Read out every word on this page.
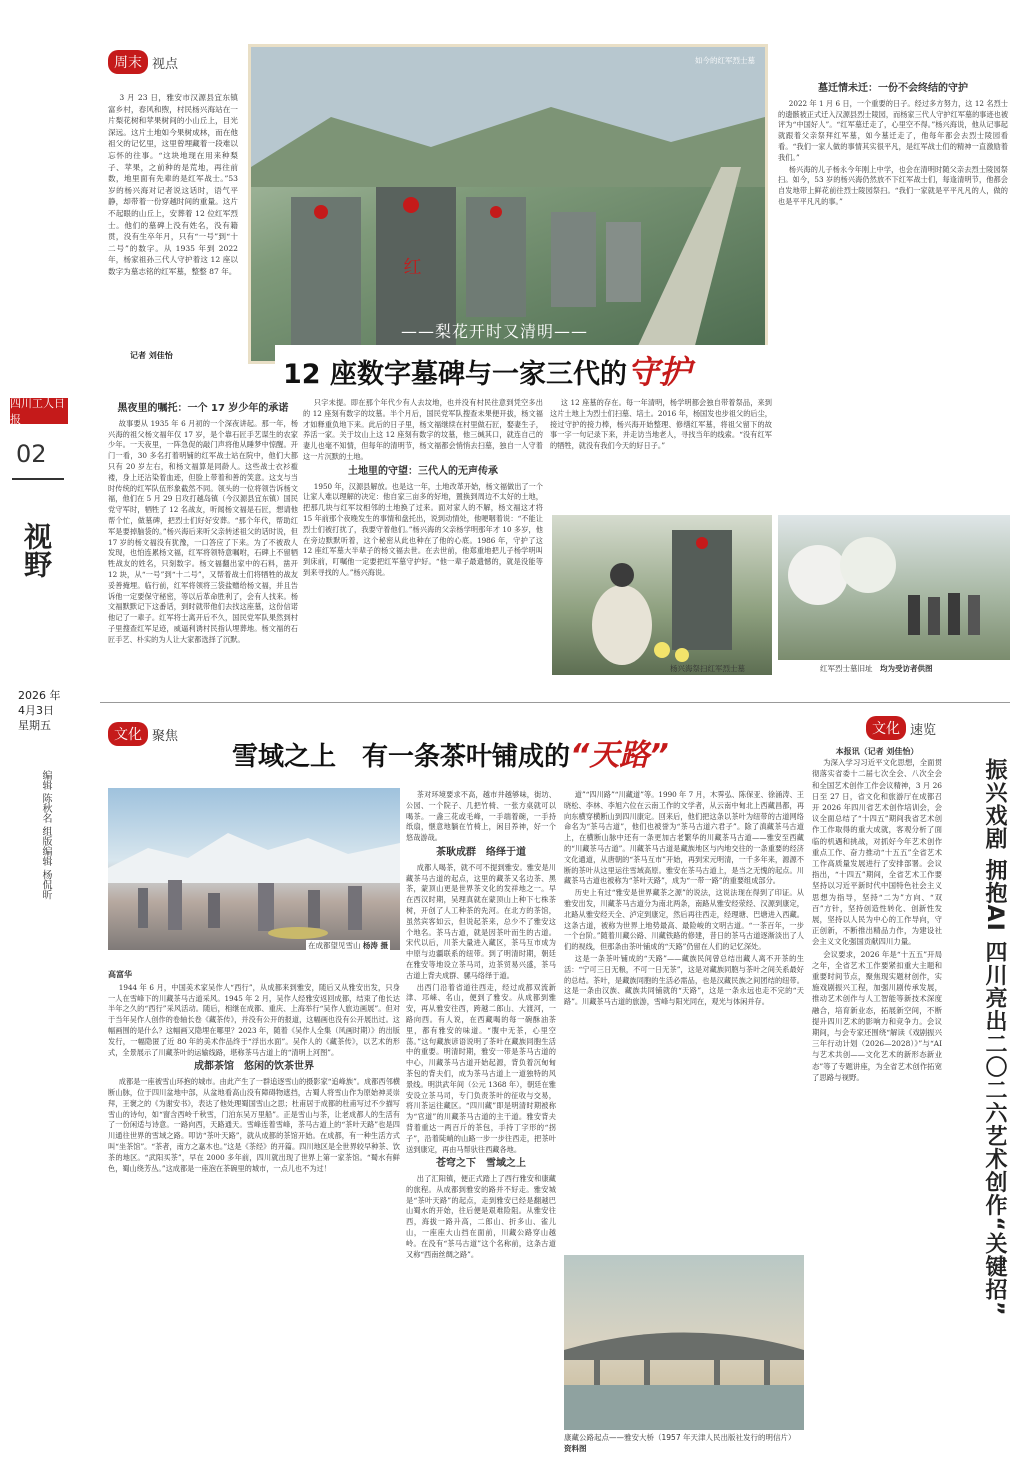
四川工人日报
02
视野
2026 年
4月3日
星期五
编辑 陈秋名 组版编辑 杨侃昕
周末 视点

3 月 23 日，雅安市汉源县宜东镇富乡村，春风和煦，村民杨兴海站在一片梨花树和苹果树间的小山丘上，目光深远。这片土地如今果树成林，而在他祖父的记忆里，这里曾埋藏着一段难以忘怀的往事。“这块地现在用来种梨子、苹果，之前种的是荒地，再往前数，地里面有先辈的是红军战士。”53 岁的杨兴海对记者说这话时，语气平静，却带着一份穿越时间的重量。这片不起眼的山丘上，安葬着 12 位红军烈士。他们的墓碑上没有姓名，没有籍贯，没有生卒年月，只有“一号”到“十二号”的数字。从 1935 年到 2022 年，杨家祖孙三代人守护着这 12 座以数字为墓志铭的红军墓，整整 87 年。

记者 刘佳怡
红
如今的红军烈士墓
——梨花开时又清明——
12 座数字墓碑与一家三代的守护
黑夜里的嘱托：一个 17 岁少年的承诺

故事要从 1935 年 6 月初的一个深夜讲起。那一年，杨兴海的祖父杨文福年仅 17 岁，是个靠石匠手艺谋生的农家少年。一天夜里，一阵急促的敲门声将他从睡梦中惊醒。开门一看，30 多名打着明铺的红军战士站在院中，他们大都只有 20 岁左右，和杨文福算是同龄人。这些战士衣衫褴褛，身上还沾染着血迹，但脸上带着和善的笑意。这支与当时传统的红军队伍形象截然不同。领头的一位将领告诉杨文福，他们在 5 月 29 日攻打越岛镇（今汉源县宜东镇）国民党守军时，牺牲了 12 名战友，听闻杨文福是石匠，想请他帮个忙，做墓碑，把烈士们好好安葬。“那个年代，帮助红军是要掉脑袋的。”杨兴海后来听父亲转述祖父的话时说，但 17 岁的杨文福没有犹豫，一口答应了下来。为了不被敌人发现，也怕连累杨文福，红军将领特意嘱咐，石碑上不留牺牲战友的姓名，只刻数字。杨文福翻出家中的石料，凿开 12 块，从“一号”到“十二号”，又帮着战士们将牺牲的战友妥善掩埋。临行前，红军将领将三袋盐赠给杨文福，并且告诉他一定要保守秘密，等以后革命胜利了，会有人找来。杨文福默默记下这番话，到时就带他们去找这座墓，这份信诺他记了一辈子。红军将士离开后不久，国民党军队果然到村子里搜查红军足迹，威逼利诱村民指认埋葬地。杨文福的石匠手艺、朴实的为人让大家都选择了沉默。

只字未提。即在那个年代少有人去坟地，也并没有村民往意到凭空多出的 12 座刻有数字的坟墓。半个月后，国民党军队搜查未果便开拔，杨文福才如释重负地下来。此后的日子里，杨文福继续在村里做石匠，娶妻生子，养活一家。关于坟山上这 12 座刻有数字的坟墓，他三缄其口，就连自己的妻儿也毫不知情，但每年的清明节，杨文福都会悄悄去扫墓，独自一人守着这一片沉默的土地。

土地里的守望：三代人的无声传承

1950 年，汉源县解放。也是这一年，土地改革开始，杨文福做出了一个让家人难以理解的决定：他自家三亩多的好地，置换到周边不太好的土地，把那几块与红军坟相邻的土地换了过来。面对家人的不解，杨文福这才将 15 年前那个夜晚发生的事情和盘托出，说到动情处，他哽咽着说：“不能让烈士们被打扰了，我要守着他们。”杨兴海的父亲杨学明那年才 10 多岁，他在旁边默默听着，这个秘密从此也种在了他的心底。1986 年，守护了这 12 座红军墓大半辈子的杨文福去世。在去世前，他郑重地把儿子杨学明叫到床前，叮嘱他一定要把红军墓守护好。“他一辈子最遗憾的，就是没能等到来寻找的人。”杨兴海说。

这 12 座墓的存在。每一年清明，杨学明都会独自带着祭品，来到这片土地上为烈士们扫墓、培土。2016 年，杨国发也步祖父的后尘，接过守护的接力棒，杨兴海开始整理、修缮红军墓，将祖父留下的故事一字一句记录下来，并走访当地老人，寻找当年的线索。“没有红军的牺牲，就没有我们今天的好日子。”

墓迁情未迁：一份不会终结的守护

2022 年 1 月 6 日，一个重要的日子。经过多方努力，这 12 名烈士的遗骸被正式迁入汉源县烈士陵园，而杨家三代人守护红军墓的事迹也被评为“中国好人”。“红军墓迁走了，心里空不得。”杨兴海说，他从记事起就跟着父亲祭拜红军墓，如今墓迁走了，他每年都会去烈士陵园看看。“我们一家人做的事情其实很平凡，是红军战士们的精神一直激励着我们。”

杨兴海的儿子杨永今年刚上中学，也会在清明时随父亲去烈士陵园祭扫。如今，53 岁的杨兴海仍然放不下红军战士们，每逢清明节，他都会自发地带上鲜花前往烈士陵园祭扫。“我们一家就是平平凡凡的人，做的也是平平凡凡的事。”

杨兴海祭扫红军烈士墓	红军烈士墓旧址　 均为受访者供图
文化 聚焦
雪域之上　有一条茶叶铺成的“天路”
在成都望见雪山 杨涛 摄
高富华

1944 年 6 月，中国美术家吴作人“西行”，从成都来到雅安，随后又从雅安出发，只身一人在雪峰下的川藏茶马古道采风。1945 年 2 月，吴作人经雅安返回成都，结束了他长达半年之久的“西行”采风活动。随后，相继在成都、重庆、上海举行“吴作人旅边画展”。但对于当年吴作人创作的卷轴长卷《藏茶传》，并没有公开的报道，这幅画也没有公开展出过。这幅画围的是什么？这幅画又隐埋在哪里？2023 年，随着《吴作人全集（风画时期）》的出版发行，一幅隐匿了近 80 年的美术作品终于“浮出水面”。吴作人的《藏茶传》，以艺术的形式，全景展示了川藏茶叶的运输线路，堪称茶马古道上的“清明上河图”。

成都茶馆　悠闲的饮茶世界

成都是一座被雪山环抱的城市。由此产生了一群追逐雪山的摄影家“追峰族”。成都西邻横断山脉，位于四川盆地中部，从盆地看高山没有障碍物遮挡，古蜀人将雪山作为原始神灵崇拜，王褒之的《为谢安书》，表达了他处理蜀国雪山之思；杜甫居于成都的杜甫写过不少描写雪山的诗句，如“窗含西岭千秋雪，门泊东吴万里船”。正是雪山与茶，让老成都人的生活有了一份闲适与诗意。一路向西，天路通天。雪峰连着雪峰，茶马古道上的“茶叶天路”也是四川通往世界的雪域之路。叩访“茶叶天路”，就从成都的茶馆开始。在成都，有一种生活方式叫“坐茶馆”。“茶者，南方之嘉木也。”这是《茶经》的开篇。四川地区是全世界较早种茶、饮茶的地区。“武阳买茶”，早在 2000 多年前，四川就出现了世界上第一家茶馆。“蜀水有鲜色，蜀山绕芳丛。”这成都是一座泡在茶碗里的城市，一点儿也不为过！

茶对环境要求不高，越市井越够味，街坊、公园、一个院子、几把竹椅、一张方桌就可以喝茶。一盏三花或毛峰，一手端着碗，一手持纸扇，惬意地躺在竹椅上，闲目养神，好一个悠哉游哉。

茶耿成群　络绎于道

成都人喝茶，就不可不提到雅安。雅安是川藏茶马古道的起点，这里的藏茶又名边茶、黑茶，蒙顶山更是世界茶文化的发祥地之一。早在西汉时期，吴理真就在蒙顶山上种下七株茶树，开创了人工种茶的先河。在北方的茶馆，虽然宾客如云，但说起茶来，总少不了雅安这个地名。茶马古道，就是因茶叶而生的古道。宋代以后，川茶大量进入藏区，茶马互市成为中原与边疆联系的纽带。到了明清时期，朝廷在雅安等地设立茶马司，边茶贸易兴盛，茶马古道上背夫成群、骡马络绎于道。

出西门沿着省道往西走，经过成都双流新津、邛崃、名山，便到了雅安。从成都到雅安，再从雅安往西，跨越二郎山、大渡河，一路向西。有人说，在西藏喝的每一碗酥油茶里，都有雅安的味道。“腹中无茶，心里空荡。”这句藏族谚语说明了茶叶在藏族同胞生活中的重要。明清时期，雅安一带是茶马古道的中心，川藏茶马古道开始起源，背负着沉甸甸茶包的背夫们，成为茶马古道上一道独特的风景线。明洪武年间（公元 1368 年），朝廷在雅安设立茶马司，专门负责茶叶的征收与交易，将川茶运往藏区。“四川藏”即是明清时期被称为“官道”的川藏茶马古道的主干道。雅安背夫背着重达一两百斤的茶包，手持丁字形的“拐子”，沿着陡峭的山路一步一步往西走，把茶叶送到康定，再由马帮驮往西藏各地。

苍穹之下　雪域之上

出了汇阳镇，便正式踏上了西行雅安和康藏的旅程。从成都到雅安的路并不好走。雅安城是“茶叶天路”的起点，走到雅安已经是翻越巴山蜀水的开始，往后便是艰难险阻。从雅安往西，海拔一路升高，二郎山、折多山、雀儿山，一座座大山挡在面前，川藏公路穿山越岭。在没有“茶马古道”这个名称前，这条古道又称“西南丝绸之路”。

道”“四川路”“川藏道”等。1990 年 7 月，木霁弘、陈保亚、徐涌涛、王晓松、李林、李旭六位在云南工作的文学者，从云南中甸北上西藏昌都，再向东横穿横断山到四川康定。回来后，他们把这条以茶叶为纽带的古道网络命名为“茶马古道”，他们也被誉为“茶马古道六君子”。除了滇藏茶马古道上，在横断山脉中还有一条更加古老繁华的川藏茶马古道——雅安至西藏的“川藏茶马古道”。川藏茶马古道是藏族地区与内地交往的一条重要的经济文化通道，从唐朝的“茶马互市”开始，再到宋元明清，一千多年来，源源不断的茶叶从这里运往雪域高原。雅安在茶马古道上，是当之无愧的起点。川藏茶马古道也被称为“茶叶天路”，成为“一带一路”的重要组成部分。

历史上有过“雅安是世界藏茶之源”的说法，这说法现在得到了印证。从雅安出发，川藏茶马古道分为南北两条，南路从雅安经荥经、汉源到康定，北路从雅安经天全、泸定到康定，然后再往西走，经理塘、巴塘进入西藏。这条古道，被称为世界上地势最高、最险峻的文明古道。“一茶百年，一步一个台阶。”随着川藏公路、川藏铁路的修建，昔日的茶马古道逐渐淡出了人们的视线，但那条由茶叶铺成的“天路”仍留在人们的记忆深处。

这是一条茶叶铺成的“天路”——藏族民间曾总结出藏人离不开茶的生活：“宁可三日无粮，不可一日无茶”，这是对藏族同胞与茶叶之间关系最好的总结。茶叶，是藏族同胞的生活必需品，也是汉藏民族之间团结的纽带。这是一条由汉族、藏族共同铺就的“天路”，这是一条永远也走不完的“天路”。川藏茶马古道的旅游，雪峰与阳光同在，观光与体闲并存。

康藏公路起点——雅安大桥（1957 年天津人民出版社发行的明信片） 资料图
文化 速览
本报讯（记者 刘佳怡）

为深入学习习近平文化思想，全面贯彻落实省委十二届七次全会、八次全会和全国艺术创作工作会议精神，3 月 26 日至 27 日，省文化和旅游厅在成都召开 2026 年四川省艺术创作培训会，会议全面总结了“十四五”期间我省艺术创作工作取得的重大成就，客观分析了面临的机遇和挑战，对抓好今年艺术创作重点工作、奋力推动“十五五”全省艺术工作高质量发展进行了安排部署。会议指出，“十四五”期间，全省艺术工作要坚持以习近平新时代中国特色社会主义思想为指导，坚持“二为”方向、“双百”方针，坚持创造性转化、创新性发展，坚持以人民为中心的工作导向，守正创新，不断推出精品力作，为建设社会主义文化强国贡献四川力量。

会议要求，2026 年是“十五五”开局之年，全省艺术工作要紧扣重大主题和重要时间节点，聚焦现实题材创作，实施戏剧振兴工程，加强川剧传承发展，推动艺术创作与人工智能等新技术深度融合，培育新业态，拓展新空间，不断提升四川艺术的影响力和竞争力。会议期间，与会专家还围绕“解读《戏剧振兴三年行动计划（2026—2028）》”与“AI 与艺术共创——文化艺术的新形态新业态”等了专题讲座，为全省艺术创作拓宽了思路与视野。	振兴戏剧 拥抱AI 四川亮出二〇二六艺术创作“关键招”
